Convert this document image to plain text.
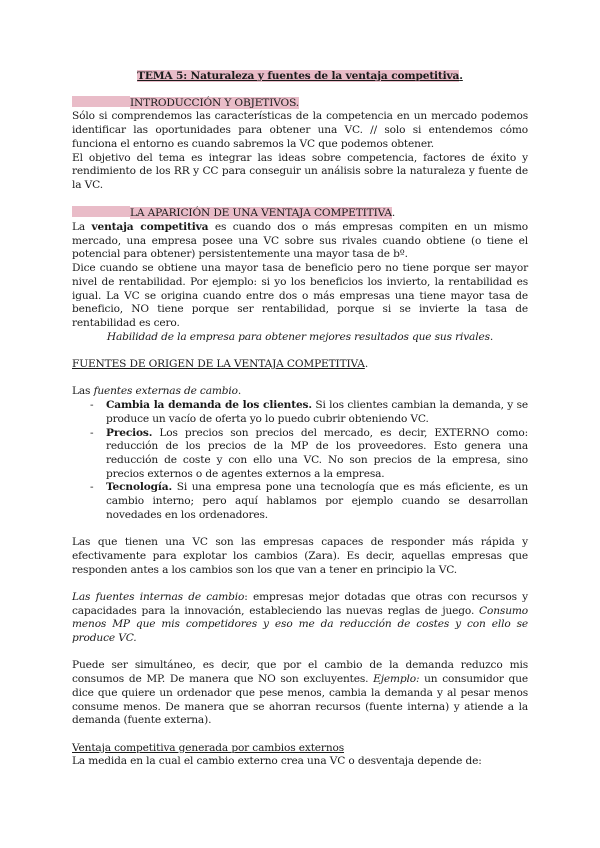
TEMA 5: Naturaleza y fuentes de la ventaja competitiva.
INTRODUCCIÓN Y OBJETIVOS.

Sólo si comprendemos las características de la competencia en un mercado podemos identificar las oportunidades para obtener una VC. // solo si entendemos cómo funciona el entorno es cuando sabremos la VC que podemos obtener.

El objetivo del tema es integrar las ideas sobre competencia, factores de éxito y rendimiento de los RR y CC para conseguir un análisis sobre la naturaleza y fuente de la VC.

LA APARICIÓN DE UNA VENTAJA COMPETITIVA.

La ventaja competitiva es cuando dos o más empresas compiten en un mismo mercado, una empresa posee una VC sobre sus rivales cuando obtiene (o tiene el potencial para obtener) persistentemente una mayor tasa de bº.

Dice cuando se obtiene una mayor tasa de beneficio pero no tiene porque ser mayor nivel de rentabilidad. Por ejemplo: si yo los beneficios los invierto, la rentabilidad es igual. La VC se origina cuando entre dos o más empresas una tiene mayor tasa de beneficio, NO tiene porque ser rentabilidad, porque si se invierte la tasa de rentabilidad es cero.

Habilidad de la empresa para obtener mejores resultados que sus rivales.

FUENTES DE ORIGEN DE LA VENTAJA COMPETITIVA.

Las fuentes externas de cambio.

- Cambia la demanda de los clientes. Si los clientes cambian la demanda, y se produce un vacío de oferta yo lo puedo cubrir obteniendo VC.
- Precios. Los precios son precios del mercado, es decir, EXTERNO como: reducción de los precios de la MP de los proveedores. Esto genera una reducción de coste y con ello una VC. No son precios de la empresa, sino precios externos o de agentes externos a la empresa.
- Tecnología. Si una empresa pone una tecnología que es más eficiente, es un cambio interno; pero aquí hablamos por ejemplo cuando se desarrollan novedades en los ordenadores.

Las que tienen una VC son las empresas capaces de responder más rápida y efectivamente para explotar los cambios (Zara). Es decir, aquellas empresas que responden antes a los cambios son los que van a tener en principio la VC.

Las fuentes internas de cambio: empresas mejor dotadas que otras con recursos y capacidades para la innovación, estableciendo las nuevas reglas de juego. Consumo menos MP que mis competidores y eso me da reducción de costes y con ello se produce VC.

Puede ser simultáneo, es decir, que por el cambio de la demanda reduzco mis consumos de MP. De manera que NO son excluyentes. Ejemplo: un consumidor que dice que quiere un ordenador que pese menos, cambia la demanda y al pesar menos consume menos. De manera que se ahorran recursos (fuente interna) y atiende a la demanda (fuente externa).

Ventaja competitiva generada por cambios externos

La medida en la cual el cambio externo crea una VC o desventaja depende de:
